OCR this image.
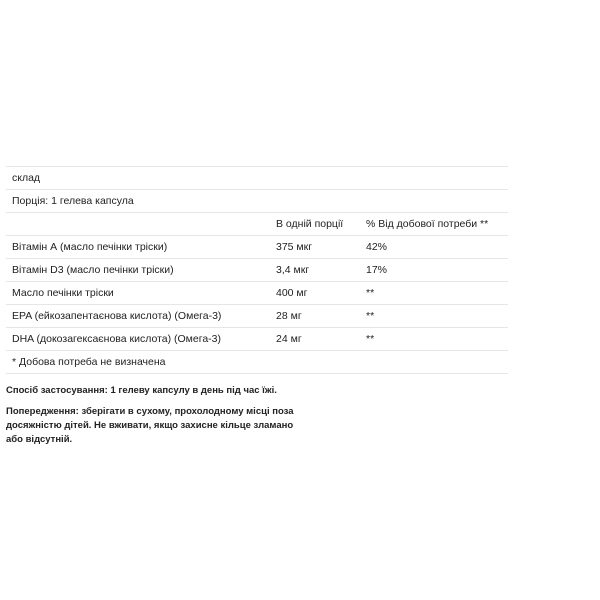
склад		
Порція: 1 гелева капсула		
	В одній порції	% Від добової потреби **
Вітамін А (масло печінки тріски)	375 мкг	42%
Вітамін D3 (масло печінки тріски)	3,4 мкг	17%
Масло печінки тріски	400 мг	**
EPA (ейкозапентаєнова кислота) (Омега-3)	28 мг	**
DHA (докозагексаєнова кислота) (Омега-3)	24 мг	**
* Добова потреба не визначена		
Спосіб застосування: 1 гелеву капсулу в день під час їжі.
Попередження: зберігати в сухому, прохолодному місці поза досяжністю дітей. Не вживати, якщо захисне кільце зламано або відсутній.
